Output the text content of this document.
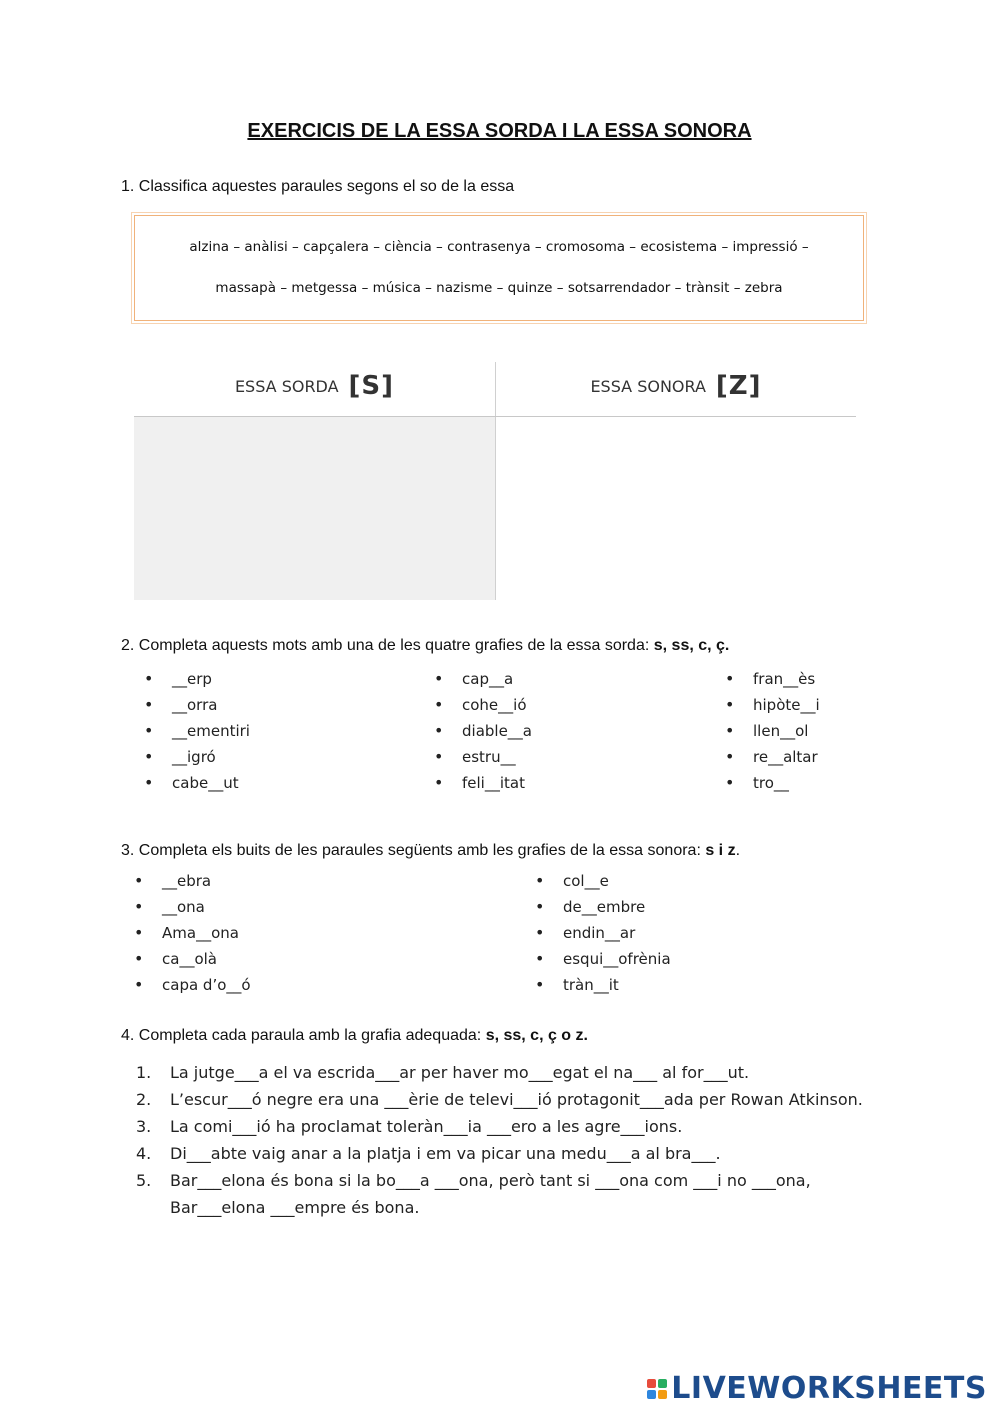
EXERCICIS DE LA ESSA SORDA I LA ESSA SONORA
1. Classifica aquestes paraules segons el so de la essa
alzina – anàlisi – capçalera – ciència – contrasenya – cromosoma – ecosistema – impressió –
massapà – metgessa – música – nazisme – quinze – sotsarrendador – trànsit – zebra
ESSA SORDA [S]	ESSA SONORA [Z]
2. Completa aquests mots amb una de les quatre grafies de la essa sorda: s, ss, c, ç.
• __erp
• __orra
• __ementiri
• __igró
• cabe__ut
• cap__a
• cohe__ió
• diable__a
• estru__
• feli__itat
• fran__ès
• hipòte__i
• llen__ol
• re__altar
• tro__
3. Completa els buits de les paraules següents amb les grafies de la essa sonora: s i z.
• __ebra
• __ona
• Ama__ona
• ca__olà
• capa d’o__ó
• col__e
• de__embre
• endin__ar
• esqui__ofrènia
• tràn__it
4. Completa cada paraula amb la grafia adequada: s, ss, c, ç o z.
1. La jutge___a el va escrida___ar per haver mo___egat el na___ al for___ut.
2. L’escur___ó negre era una ___èrie de televi___ió protagonit___ada per Rowan Atkinson.
3. La comi___ió ha proclamat toleràn___ia ___ero a les agre___ions.
4. Di___abte vaig anar a la platja i em va picar una medu___a al bra___.
5. Bar___elona és bona si la bo___a ___ona, però tant si ___ona com ___i no ___ona, Bar___elona ___empre és bona.
LIVEWORKSHEETS
